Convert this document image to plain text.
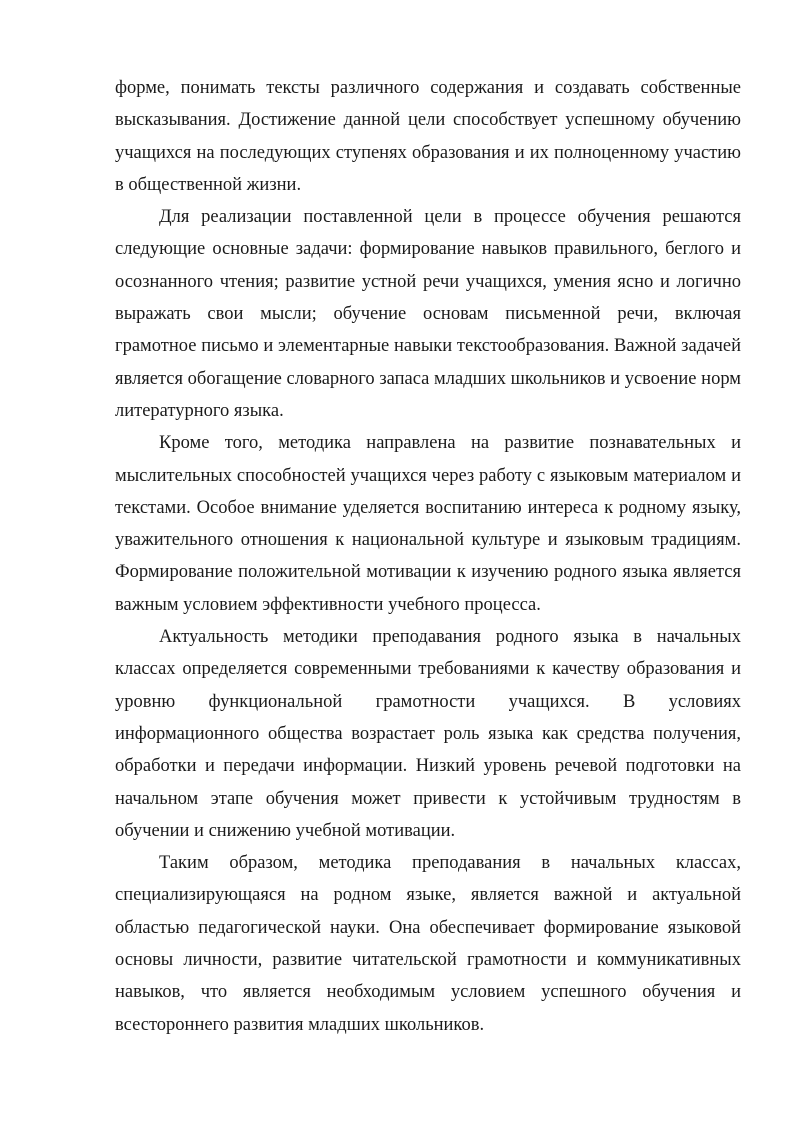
форме, понимать тексты различного содержания и создавать собственные высказывания. Достижение данной цели способствует успешному обучению учащихся на последующих ступенях образования и их полноценному участию в общественной жизни.

Для реализации поставленной цели в процессе обучения решаются следующие основные задачи: формирование навыков правильного, беглого и осознанного чтения; развитие устной речи учащихся, умения ясно и логично выражать свои мысли; обучение основам письменной речи, включая грамотное письмо и элементарные навыки текстообразования. Важной задачей является обогащение словарного запаса младших школьников и усвоение норм литературного языка.

Кроме того, методика направлена на развитие познавательных и мыслительных способностей учащихся через работу с языковым материалом и текстами. Особое внимание уделяется воспитанию интереса к родному языку, уважительного отношения к национальной культуре и языковым традициям. Формирование положительной мотивации к изучению родного языка является важным условием эффективности учебного процесса.

Актуальность методики преподавания родного языка в начальных классах определяется современными требованиями к качеству образования и уровню функциональной грамотности учащихся. В условиях информационного общества возрастает роль языка как средства получения, обработки и передачи информации. Низкий уровень речевой подготовки на начальном этапе обучения может привести к устойчивым трудностям в обучении и снижению учебной мотивации.

Таким образом, методика преподавания в начальных классах, специализирующаяся на родном языке, является важной и актуальной областью педагогической науки. Она обеспечивает формирование языковой основы личности, развитие читательской грамотности и коммуникативных навыков, что является необходимым условием успешного обучения и всестороннего развития младших школьников.
